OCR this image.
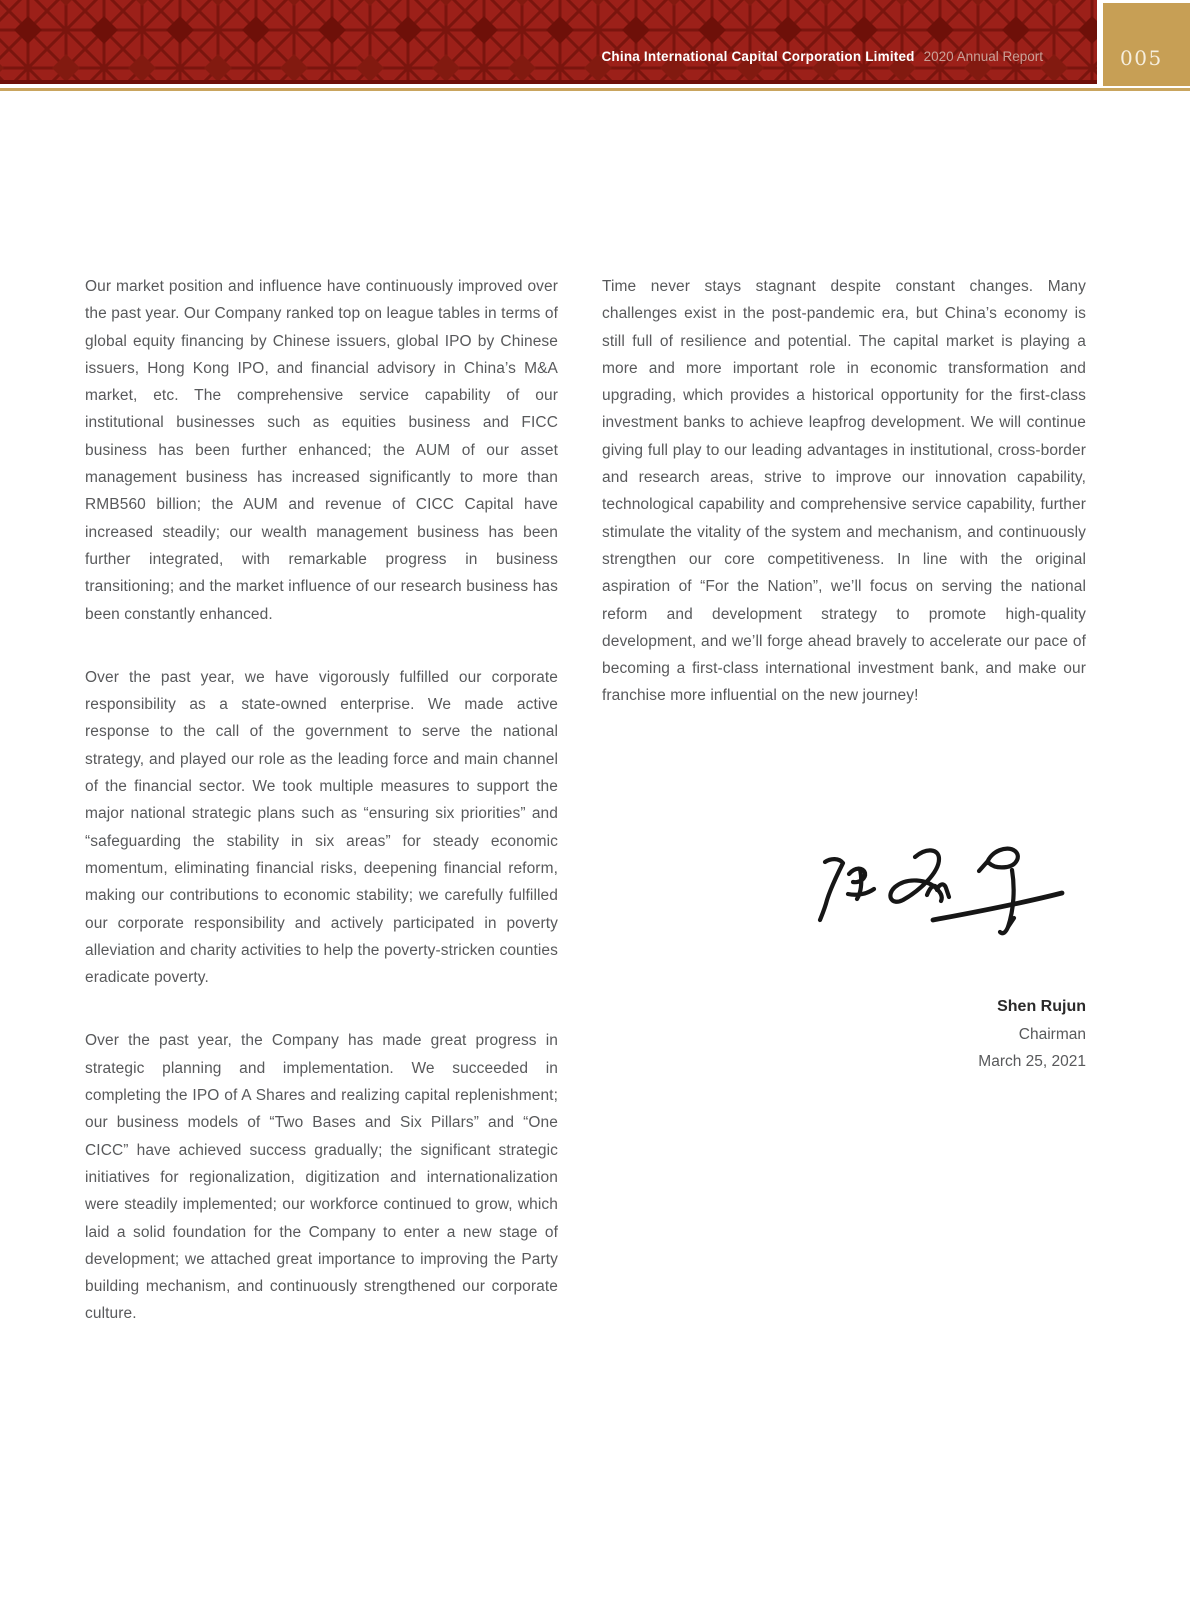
China International Capital Corporation Limited 2020 Annual Report	005

Our market position and influence have continuously improved over the past year. Our Company ranked top on league tables in terms of global equity financing by Chinese issuers, global IPO by Chinese issuers, Hong Kong IPO, and financial advisory in China’s M&A market, etc. The comprehensive service capability of our institutional businesses such as equities business and FICC business has been further enhanced; the AUM of our asset management business has increased significantly to more than RMB560 billion; the AUM and revenue of CICC Capital have increased steadily; our wealth management business has been further integrated, with remarkable progress in business transitioning; and the market influence of our research business has been constantly enhanced.

Over the past year, we have vigorously fulfilled our corporate responsibility as a state-owned enterprise. We made active response to the call of the government to serve the national strategy, and played our role as the leading force and main channel of the financial sector. We took multiple measures to support the major national strategic plans such as “ensuring six priorities” and “safeguarding the stability in six areas” for steady economic momentum, eliminating financial risks, deepening financial reform, making our contributions to economic stability; we carefully fulfilled our corporate responsibility and actively participated in poverty alleviation and charity activities to help the poverty-stricken counties eradicate poverty.

Over the past year, the Company has made great progress in strategic planning and implementation. We succeeded in completing the IPO of A Shares and realizing capital replenishment; our business models of “Two Bases and Six Pillars” and “One CICC” have achieved success gradually; the significant strategic initiatives for regionalization, digitization and internationalization were steadily implemented; our workforce continued to grow, which laid a solid foundation for the Company to enter a new stage of development; we attached great importance to improving the Party building mechanism, and continuously strengthened our corporate culture.

Time never stays stagnant despite constant changes. Many challenges exist in the post-pandemic era, but China’s economy is still full of resilience and potential. The capital market is playing a more and more important role in economic transformation and upgrading, which provides a historical opportunity for the first-class investment banks to achieve leapfrog development. We will continue giving full play to our leading advantages in institutional, cross-border and research areas, strive to improve our innovation capability, technological capability and comprehensive service capability, further stimulate the vitality of the system and mechanism, and continuously strengthen our core competitiveness. In line with the original aspiration of “For the Nation”, we’ll focus on serving the national reform and development strategy to promote high-quality development, and we’ll forge ahead bravely to accelerate our pace of becoming a first-class international investment bank, and make our franchise more influential on the new journey!

Shen Rujun
Chairman
March 25, 2021
